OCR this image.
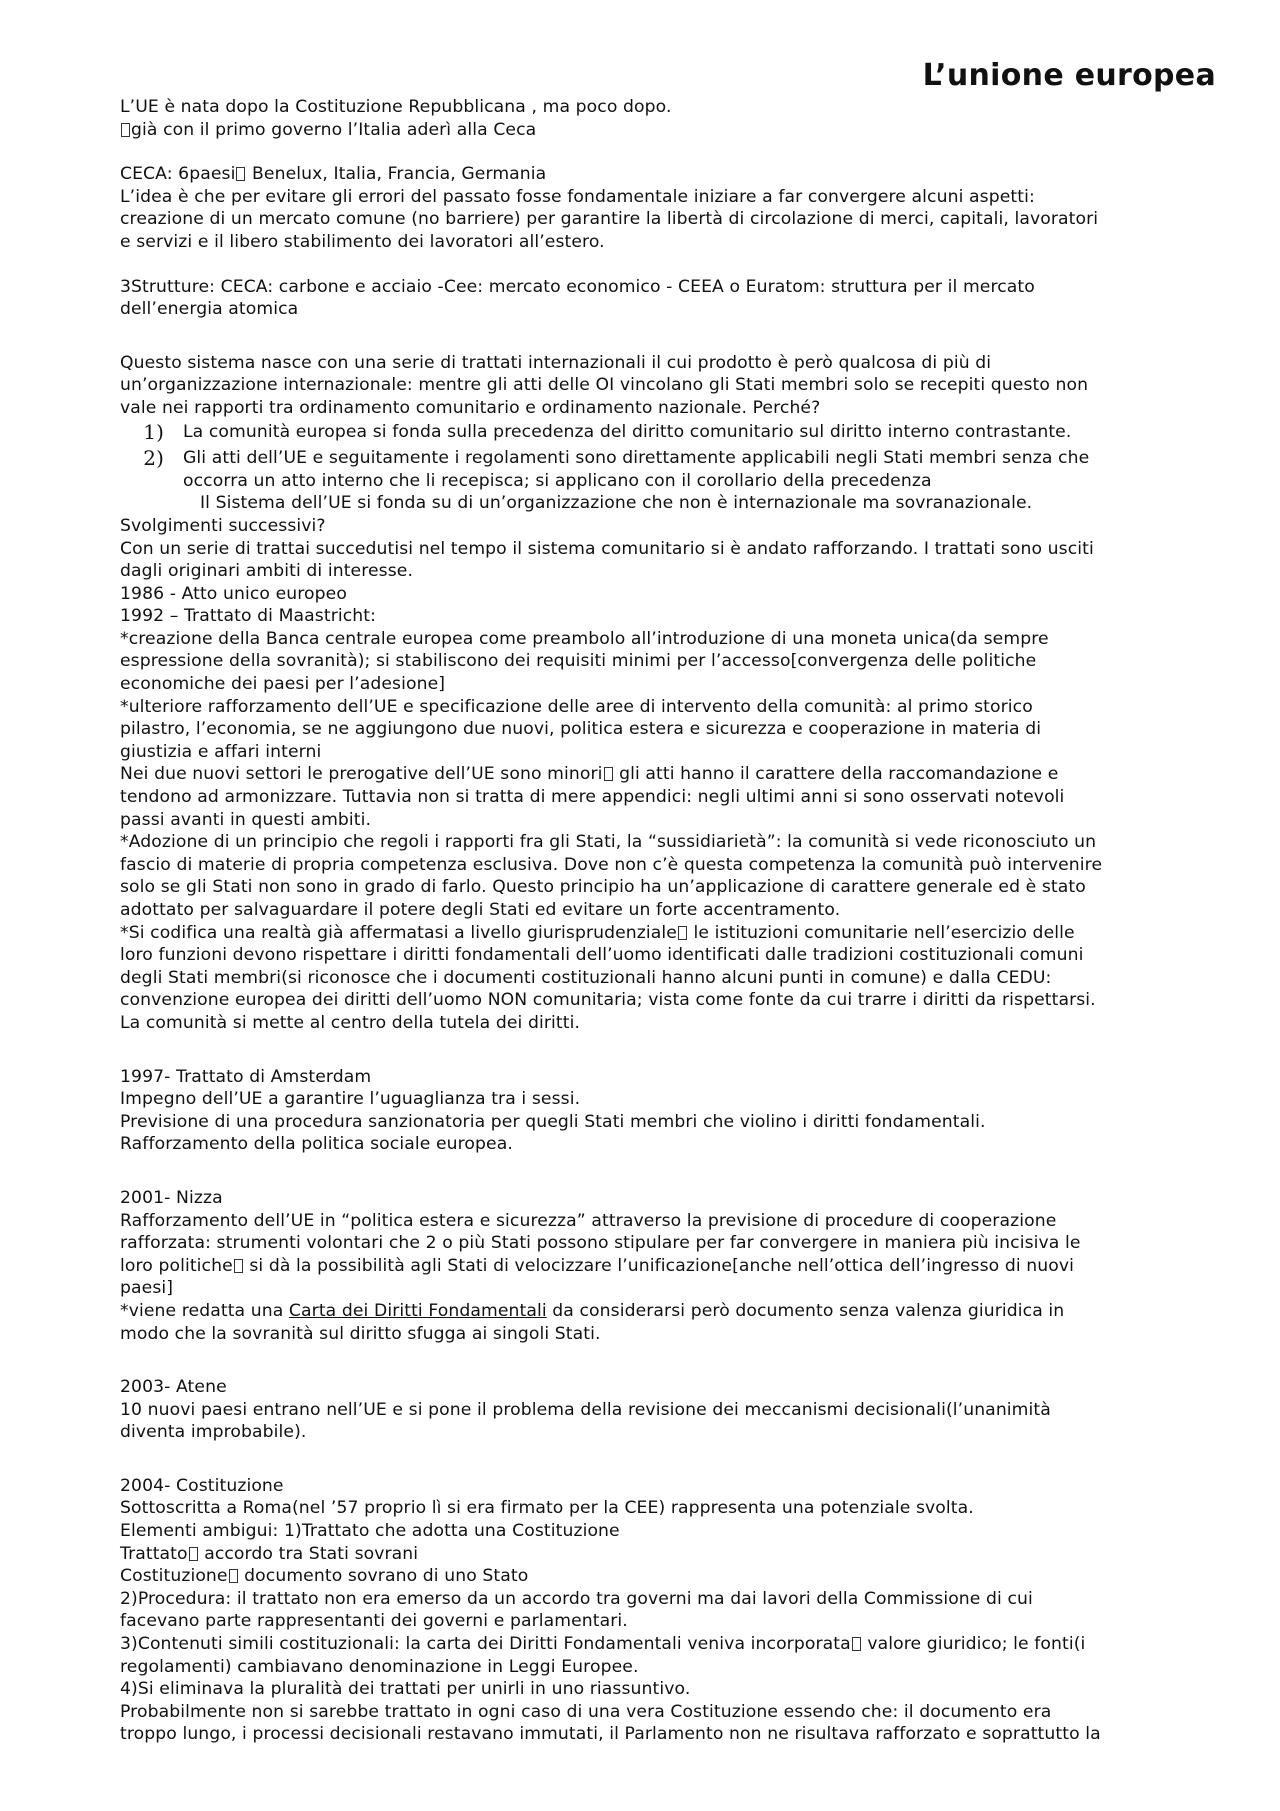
L’unione europea
L’UE è nata dopo la Costituzione Repubblicana , ma poco dopo.
già con il primo governo l’Italia aderì alla Ceca
CECA: 6paesi Benelux, Italia, Francia, Germania
L’idea è che per evitare gli errori del passato fosse fondamentale iniziare a far convergere alcuni aspetti:
creazione di un mercato comune (no barriere) per garantire la libertà di circolazione di merci, capitali, lavoratori
e servizi e il libero stabilimento dei lavoratori all’estero.
3Strutture: CECA: carbone e acciaio -Cee: mercato economico - CEEA o Euratom: struttura per il mercato
dell’energia atomica
Questo sistema nasce con una serie di trattati internazionali il cui prodotto è però qualcosa di più di
un’organizzazione internazionale: mentre gli atti delle OI vincolano gli Stati membri solo se recepiti questo non
vale nei rapporti tra ordinamento comunitario e ordinamento nazionale. Perché?
1)	La comunità europea si fonda sulla precedenza del diritto comunitario sul diritto interno contrastante.
2)	Gli atti dell’UE e seguitamente i regolamenti sono direttamente applicabili negli Stati membri senza che
occorra un atto interno che li recepisca; si applicano con il corollario della precedenza
Il Sistema dell’UE si fonda su di un’organizzazione che non è internazionale ma sovranazionale.
Svolgimenti successivi?
Con un serie di trattai succedutisi nel tempo il sistema comunitario si è andato rafforzando. I trattati sono usciti
dagli originari ambiti di interesse.
1986 - Atto unico europeo
1992 – Trattato di Maastricht:
*creazione della Banca centrale europea come preambolo all’introduzione di una moneta unica(da sempre
espressione della sovranità); si stabiliscono dei requisiti minimi per l’accesso[convergenza delle politiche
economiche dei paesi per l’adesione]
*ulteriore rafforzamento dell’UE e specificazione delle aree di intervento della comunità: al primo storico
pilastro, l’economia, se ne aggiungono due nuovi, politica estera e sicurezza e cooperazione in materia di
giustizia e affari interni
Nei due nuovi settori le prerogative dell’UE sono minori gli atti hanno il carattere della raccomandazione e
tendono ad armonizzare. Tuttavia non si tratta di mere appendici: negli ultimi anni si sono osservati notevoli
passi avanti in questi ambiti.
*Adozione di un principio che regoli i rapporti fra gli Stati, la “sussidiarietà”: la comunità si vede riconosciuto un
fascio di materie di propria competenza esclusiva. Dove non c’è questa competenza la comunità può intervenire
solo se gli Stati non sono in grado di farlo. Questo principio ha un’applicazione di carattere generale ed è stato
adottato per salvaguardare il potere degli Stati ed evitare un forte accentramento.
*Si codifica una realtà già affermatasi a livello giurisprudenziale le istituzioni comunitarie nell’esercizio delle
loro funzioni devono rispettare i diritti fondamentali dell’uomo identificati dalle tradizioni costituzionali comuni
degli Stati membri(si riconosce che i documenti costituzionali hanno alcuni punti in comune) e dalla CEDU:
convenzione europea dei diritti dell’uomo NON comunitaria; vista come fonte da cui trarre i diritti da rispettarsi.
La comunità si mette al centro della tutela dei diritti.
1997- Trattato di Amsterdam
Impegno dell’UE a garantire l’uguaglianza tra i sessi.
Previsione di una procedura sanzionatoria per quegli Stati membri che violino i diritti fondamentali.
Rafforzamento della politica sociale europea.
2001- Nizza
Rafforzamento dell’UE in “politica estera e sicurezza” attraverso la previsione di procedure di cooperazione
rafforzata: strumenti volontari che 2 o più Stati possono stipulare per far convergere in maniera più incisiva le
loro politiche si dà la possibilità agli Stati di velocizzare l’unificazione[anche nell’ottica dell’ingresso di nuovi
paesi]
*viene redatta una Carta dei Diritti Fondamentali da considerarsi però documento senza valenza giuridica in
modo che la sovranità sul diritto sfugga ai singoli Stati.
2003- Atene
10 nuovi paesi entrano nell’UE e si pone il problema della revisione dei meccanismi decisionali(l’unanimità
diventa improbabile).
2004- Costituzione
Sottoscritta a Roma(nel ’57 proprio lì si era firmato per la CEE) rappresenta una potenziale svolta.
Elementi ambigui: 1)Trattato che adotta una Costituzione
Trattato accordo tra Stati sovrani
Costituzione documento sovrano di uno Stato
2)Procedura: il trattato non era emerso da un accordo tra governi ma dai lavori della Commissione di cui
facevano parte rappresentanti dei governi e parlamentari.
3)Contenuti simili costituzionali: la carta dei Diritti Fondamentali veniva incorporata valore giuridico; le fonti(i
regolamenti) cambiavano denominazione in Leggi Europee.
4)Si eliminava la pluralità dei trattati per unirli in uno riassuntivo.
Probabilmente non si sarebbe trattato in ogni caso di una vera Costituzione essendo che: il documento era
troppo lungo, i processi decisionali restavano immutati, il Parlamento non ne risultava rafforzato e soprattutto la
